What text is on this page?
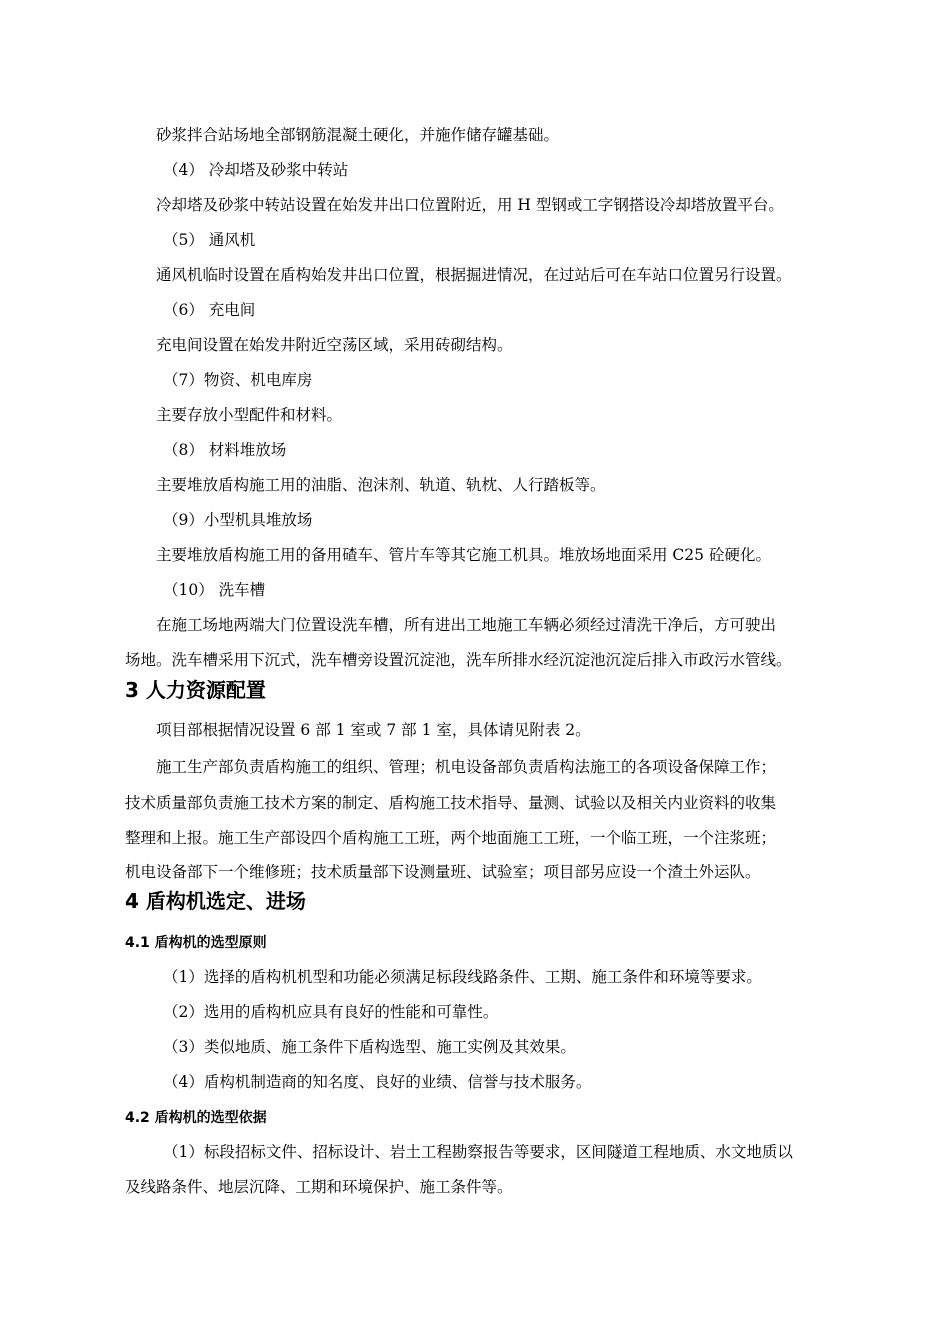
砂浆拌合站场地全部钢筋混凝土硬化，并施作储存罐基础。
（4） 冷却塔及砂浆中转站
冷却塔及砂浆中转站设置在始发井出口位置附近，用 H 型钢或工字钢搭设冷却塔放置平台。
（5） 通风机
通风机临时设置在盾构始发井出口位置，根据掘进情况，在过站后可在车站口位置另行设置。
（6） 充电间
充电间设置在始发井附近空荡区域，采用砖砌结构。
（7）物资、机电库房
主要存放小型配件和材料。
（8） 材料堆放场
主要堆放盾构施工用的油脂、泡沫剂、轨道、轨枕、人行踏板等。
（9）小型机具堆放场
主要堆放盾构施工用的备用碴车、管片车等其它施工机具。堆放场地面采用 C25 砼硬化。
（10） 洗车槽
在施工场地两端大门位置设洗车槽，所有进出工地施工车辆必须经过清洗干净后，方可驶出
场地。洗车槽采用下沉式，洗车槽旁设置沉淀池，洗车所排水经沉淀池沉淀后排入市政污水管线。
3 人力资源配置
项目部根据情况设置 6 部 1 室或 7 部 1 室，具体请见附表 2。
施工生产部负责盾构施工的组织、管理；机电设备部负责盾构法施工的各项设备保障工作；
技术质量部负责施工技术方案的制定、盾构施工技术指导、量测、试验以及相关内业资料的收集
整理和上报。施工生产部设四个盾构施工工班，两个地面施工工班，一个临工班，一个注浆班；
机电设备部下一个维修班；技术质量部下设测量班、试验室；项目部另应设一个渣土外运队。
4 盾构机选定、进场
4.1 盾构机的选型原则
（1）选择的盾构机机型和功能必须满足标段线路条件、工期、施工条件和环境等要求。
（2）选用的盾构机应具有良好的性能和可靠性。
（3）类似地质、施工条件下盾构选型、施工实例及其效果。
（4）盾构机制造商的知名度、良好的业绩、信誉与技术服务。
4.2 盾构机的选型依据
（1）标段招标文件、招标设计、岩土工程勘察报告等要求，区间隧道工程地质、水文地质以
及线路条件、地层沉降、工期和环境保护、施工条件等。
